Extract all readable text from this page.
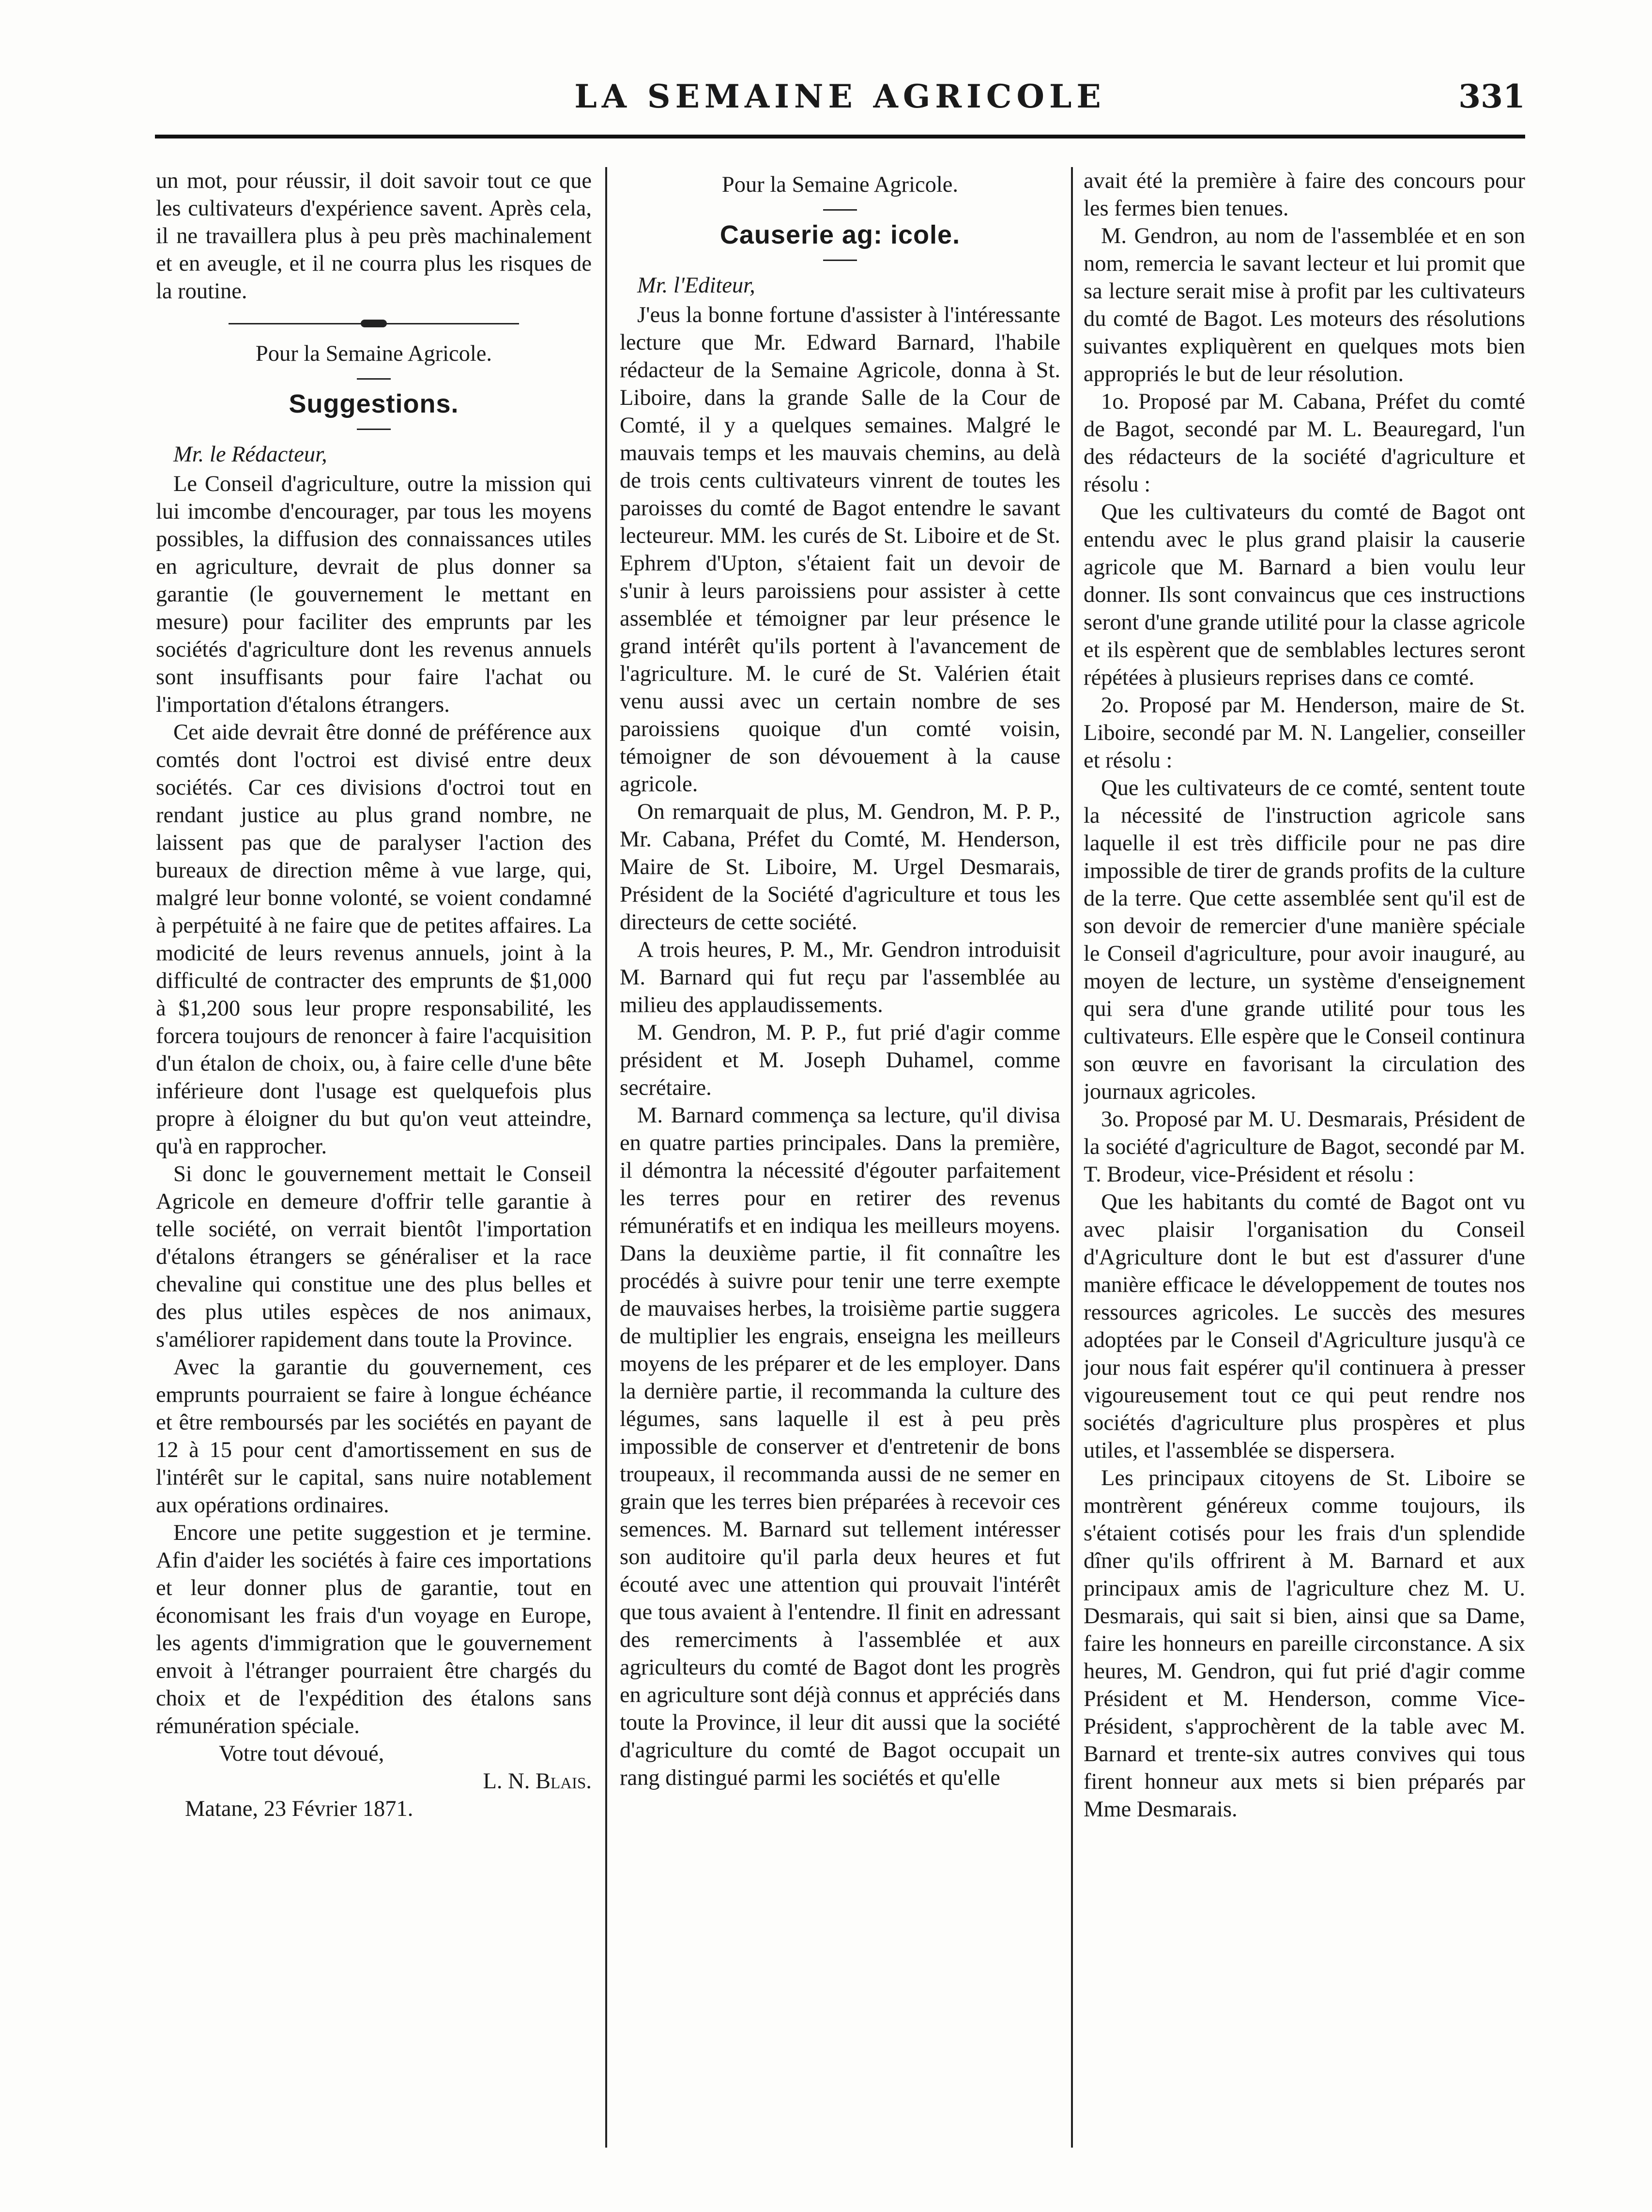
LA SEMAINE AGRICOLE	331

un mot, pour réussir, il doit savoir tout ce que les cultivateurs d'expérience savent. Après cela, il ne travaillera plus à peu près machinalement et en aveugle, et il ne courra plus les risques de la routine.

Pour la Semaine Agricole.

Suggestions.

Mr. le Rédacteur,

Le Conseil d'agriculture, outre la mission qui lui imcombe d'encourager, par tous les moyens possibles, la diffusion des connaissances utiles en agriculture, devrait de plus donner sa garantie (le gouvernement le mettant en mesure) pour faciliter des emprunts par les sociétés d'agriculture dont les revenus annuels sont insuffisants pour faire l'achat ou l'importation d'étalons étrangers.

Cet aide devrait être donné de préférence aux comtés dont l'octroi est divisé entre deux sociétés. Car ces divisions d'octroi tout en rendant justice au plus grand nombre, ne laissent pas que de paralyser l'action des bureaux de direction même à vue large, qui, malgré leur bonne volonté, se voient condamné à perpétuité à ne faire que de petites affaires. La modicité de leurs revenus annuels, joint à la difficulté de contracter des emprunts de $1,000 à $1,200 sous leur propre responsabilité, les forcera toujours de renoncer à faire l'acquisition d'un étalon de choix, ou, à faire celle d'une bête inférieure dont l'usage est quelquefois plus propre à éloigner du but qu'on veut atteindre, qu'à en rapprocher.

Si donc le gouvernement mettait le Conseil Agricole en demeure d'offrir telle garantie à telle société, on verrait bientôt l'importation d'étalons étrangers se généraliser et la race chevaline qui constitue une des plus belles et des plus utiles espèces de nos animaux, s'améliorer rapidement dans toute la Province.

Avec la garantie du gouvernement, ces emprunts pourraient se faire à longue échéance et être remboursés par les sociétés en payant de 12 à 15 pour cent d'amortissement en sus de l'intérêt sur le capital, sans nuire notablement aux opérations ordinaires.

Encore une petite suggestion et je termine. Afin d'aider les sociétés à faire ces importations et leur donner plus de garantie, tout en économisant les frais d'un voyage en Europe, les agents d'immigration que le gouvernement envoit à l'étranger pourraient être chargés du choix et de l'expédition des étalons sans rémunération spéciale.

Votre tout dévoué,

L. N. Blais.

Matane, 23 Février 1871.

Pour la Semaine Agricole.

Causerie ag: icole.

Mr. l'Editeur,

J'eus la bonne fortune d'assister à l'intéressante lecture que Mr. Edward Barnard, l'habile rédacteur de la Semaine Agricole, donna à St. Liboire, dans la grande Salle de la Cour de Comté, il y a quelques semaines. Malgré le mauvais temps et les mauvais chemins, au delà de trois cents cultivateurs vinrent de toutes les paroisses du comté de Bagot entendre le savant lecteureur. MM. les curés de St. Liboire et de St. Ephrem d'Upton, s'étaient fait un devoir de s'unir à leurs paroissiens pour assister à cette assemblée et témoigner par leur présence le grand intérêt qu'ils portent à l'avancement de l'agriculture. M. le curé de St. Valérien était venu aussi avec un certain nombre de ses paroissiens quoique d'un comté voisin, témoigner de son dévouement à la cause agricole.

On remarquait de plus, M. Gendron, M. P. P., Mr. Cabana, Préfet du Comté, M. Henderson, Maire de St. Liboire, M. Urgel Desmarais, Président de la Société d'agriculture et tous les directeurs de cette société.

A trois heures, P. M., Mr. Gendron introduisit M. Barnard qui fut reçu par l'assemblée au milieu des applaudissements.

M. Gendron, M. P. P., fut prié d'agir comme président et M. Joseph Duhamel, comme secrétaire.

M. Barnard commença sa lecture, qu'il divisa en quatre parties principales. Dans la première, il démontra la nécessité d'égouter parfaitement les terres pour en retirer des revenus rémunératifs et en indiqua les meilleurs moyens. Dans la deuxième partie, il fit connaître les procédés à suivre pour tenir une terre exempte de mauvaises herbes, la troisième partie suggera de multiplier les engrais, enseigna les meilleurs moyens de les préparer et de les employer. Dans la dernière partie, il recommanda la culture des légumes, sans laquelle il est à peu près impossible de conserver et d'entretenir de bons troupeaux, il recommanda aussi de ne semer en grain que les terres bien préparées à recevoir ces semences. M. Barnard sut tellement intéresser son auditoire qu'il parla deux heures et fut écouté avec une attention qui prouvait l'intérêt que tous avaient à l'entendre. Il finit en adressant des remerciments à l'assemblée et aux agriculteurs du comté de Bagot dont les progrès en agriculture sont déjà connus et appréciés dans toute la Province, il leur dit aussi que la société d'agriculture du comté de Bagot occupait un rang distingué parmi les sociétés et qu'elle

avait été la première à faire des concours pour les fermes bien tenues.

M. Gendron, au nom de l'assemblée et en son nom, remercia le savant lecteur et lui promit que sa lecture serait mise à profit par les cultivateurs du comté de Bagot. Les moteurs des résolutions suivantes expliquèrent en quelques mots bien appropriés le but de leur résolution.

1o. Proposé par M. Cabana, Préfet du comté de Bagot, secondé par M. L. Beauregard, l'un des rédacteurs de la société d'agriculture et résolu :

Que les cultivateurs du comté de Bagot ont entendu avec le plus grand plaisir la causerie agricole que M. Barnard a bien voulu leur donner. Ils sont convaincus que ces instructions seront d'une grande utilité pour la classe agricole et ils espèrent que de semblables lectures seront répétées à plusieurs reprises dans ce comté.

2o. Proposé par M. Henderson, maire de St. Liboire, secondé par M. N. Langelier, conseiller et résolu :

Que les cultivateurs de ce comté, sentent toute la nécessité de l'instruction agricole sans laquelle il est très difficile pour ne pas dire impossible de tirer de grands profits de la culture de la terre. Que cette assemblée sent qu'il est de son devoir de remercier d'une manière spéciale le Conseil d'agriculture, pour avoir inauguré, au moyen de lecture, un système d'enseignement qui sera d'une grande utilité pour tous les cultivateurs. Elle espère que le Conseil continura son œuvre en favorisant la circulation des journaux agricoles.

3o. Proposé par M. U. Desmarais, Président de la société d'agriculture de Bagot, secondé par M. T. Brodeur, vice-Président et résolu :

Que les habitants du comté de Bagot ont vu avec plaisir l'organisation du Conseil d'Agriculture dont le but est d'assurer d'une manière efficace le développement de toutes nos ressources agricoles. Le succès des mesures adoptées par le Conseil d'Agriculture jusqu'à ce jour nous fait espérer qu'il continuera à presser vigoureusement tout ce qui peut rendre nos sociétés d'agriculture plus prospères et plus utiles, et l'assemblée se dispersera.

Les principaux citoyens de St. Liboire se montrèrent généreux comme toujours, ils s'étaient cotisés pour les frais d'un splendide dîner qu'ils offrirent à M. Barnard et aux principaux amis de l'agriculture chez M. U. Desmarais, qui sait si bien, ainsi que sa Dame, faire les honneurs en pareille circonstance. A six heures, M. Gendron, qui fut prié d'agir comme Président et M. Henderson, comme Vice-Président, s'approchèrent de la table avec M. Barnard et trente-six autres convives qui tous firent honneur aux mets si bien préparés par Mme Desmarais.
